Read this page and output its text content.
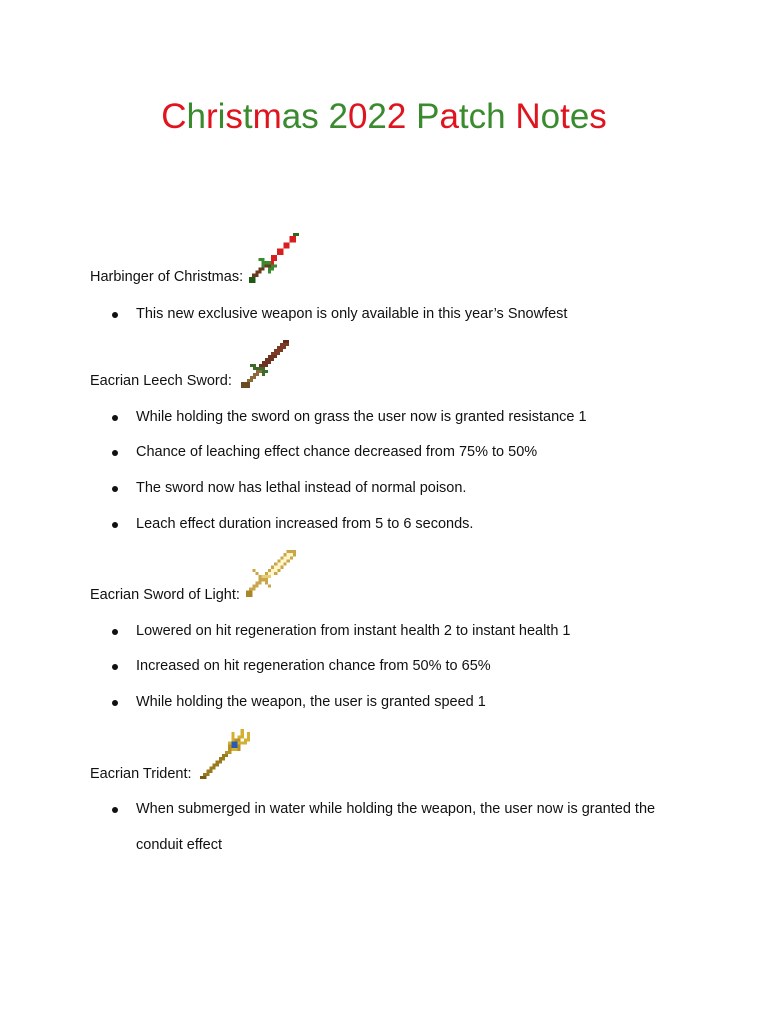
Christmas 2022 Patch Notes
Harbinger of Christmas:
This new exclusive weapon is only available in this year’s Snowfest
Eacrian Leech Sword:
While holding the sword on grass the user now is granted resistance 1
Chance of leaching effect chance decreased from 75% to 50%
The sword now has lethal instead of normal poison.
Leach effect duration increased from 5 to 6 seconds.
Eacrian Sword of Light:
Lowered on hit regeneration from instant health 2 to instant health 1
Increased on hit regeneration chance from 50% to 65%
While holding the weapon, the user is granted speed 1
Eacrian Trident:
When submerged in water while holding the weapon, the user now is granted the
conduit effect
